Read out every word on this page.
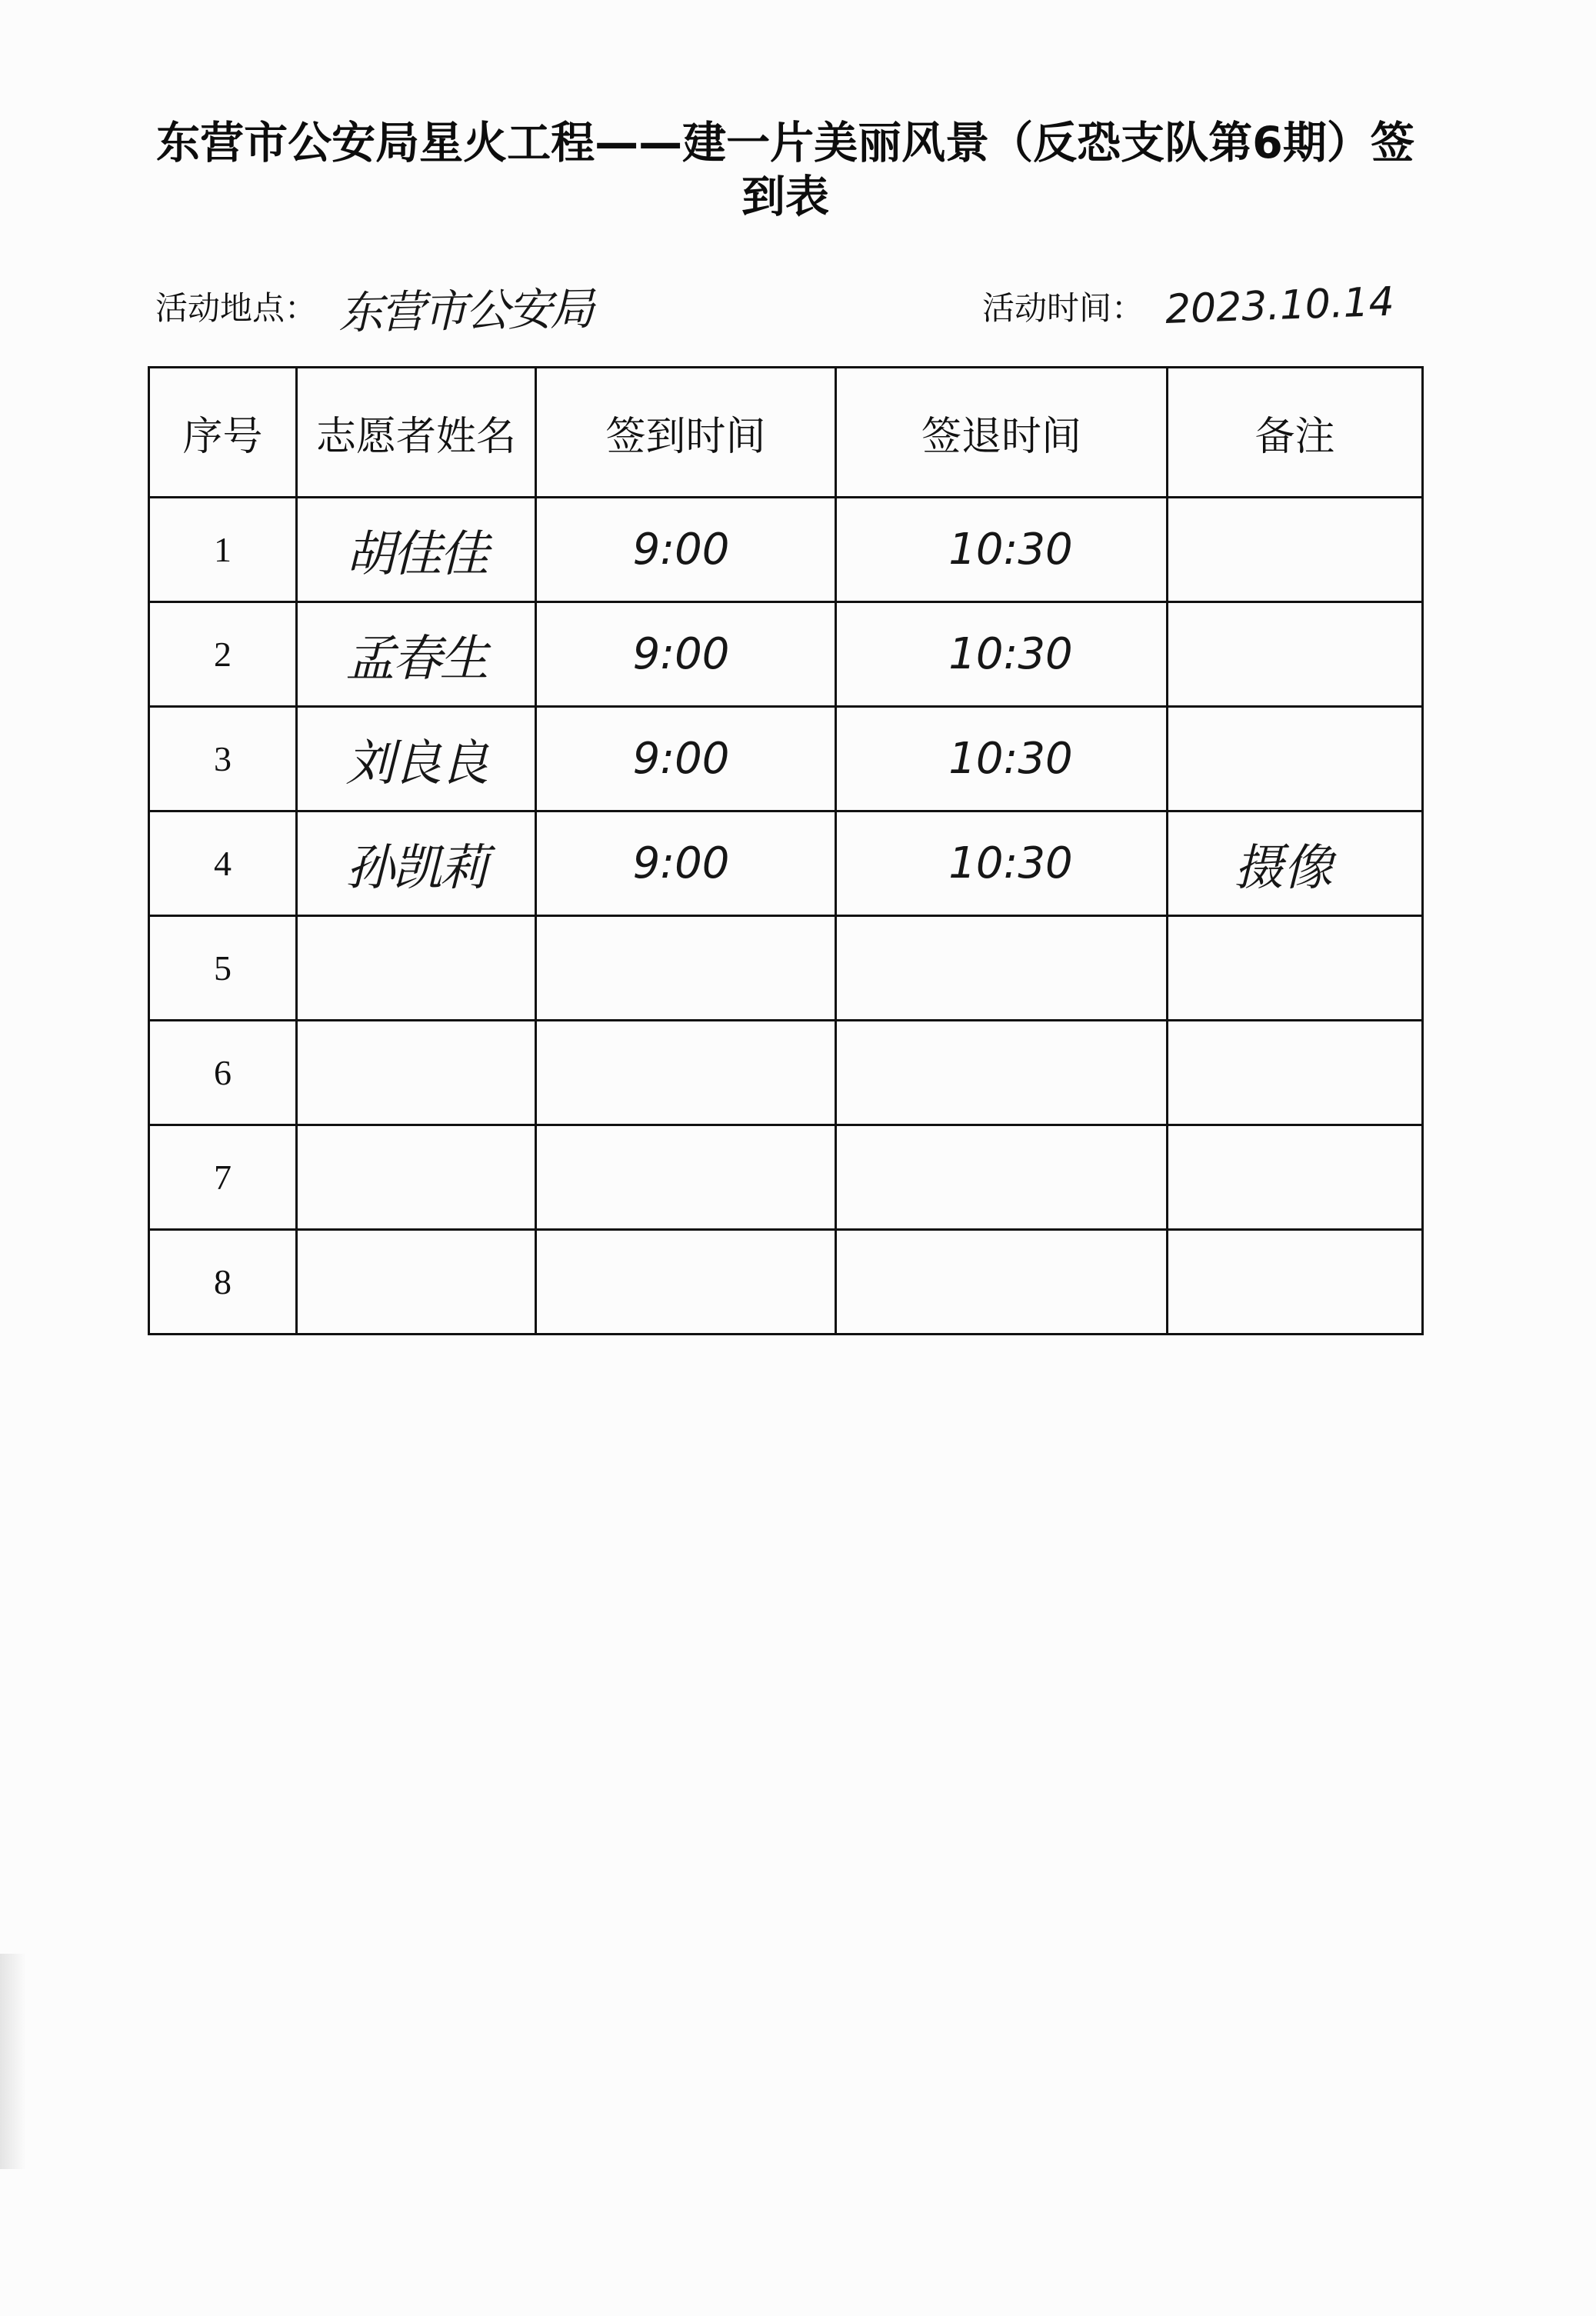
东营市公安局星火工程——建一片美丽风景（反恐支队第6期）签到表
活动地点： 东营市公安局	活动时间： 2023.10.14
序号	志愿者姓名	签到时间	签退时间	备注
1	胡佳佳	9:00	10:30	
2	孟春生	9:00	10:30	
3	刘良良	9:00	10:30	
4	孙凯莉	9:00	10:30	摄像
5				
6				
7				
8				
